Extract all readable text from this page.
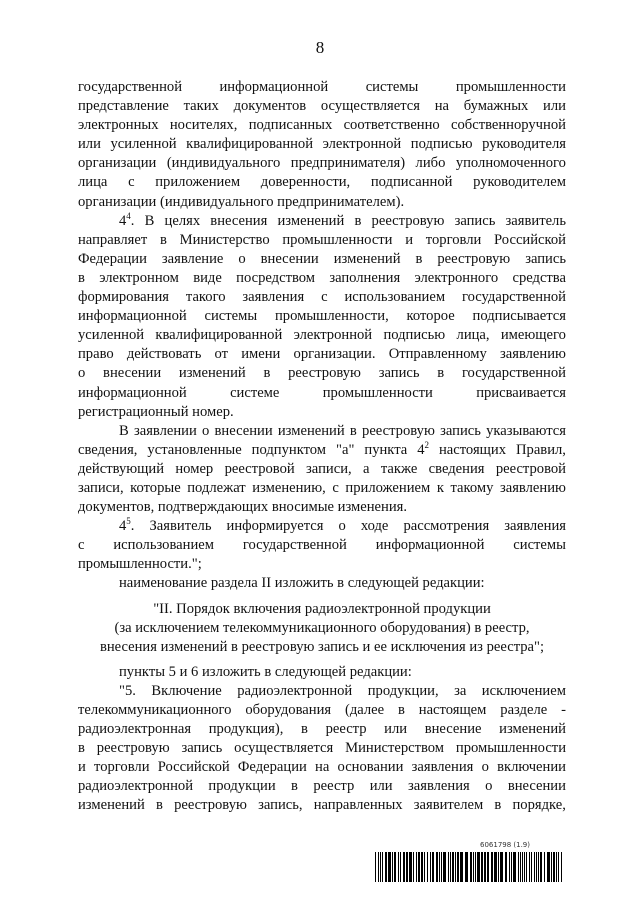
8
государственной	информационной	системы	промышленности
представление таких документов осуществляется на бумажных или
электронных носителях, подписанных соответственно собственноручной
или усиленной квалифицированной электронной подписью руководителя
организации (индивидуального предпринимателя) либо уполномоченного
лица с приложением доверенности, подписанной руководителем
организации (индивидуального предпринимателем).
$4^4$. В целях внесения изменений в реестровую запись заявитель
направляет в Министерство промышленности и торговли Российской
Федерации заявление о внесении изменений в реестровую запись
в электронном виде посредством заполнения электронного средства
формирования такого заявления с использованием государственной
информационной системы промышленности, которое подписывается
усиленной квалифицированной электронной подписью лица, имеющего
право действовать от имени организации. Отправленному заявлению
о внесении изменений в реестровую запись в государственной
информационной	системе	промышленности	присваивается
регистрационный номер.
В заявлении о внесении изменений в реестровую запись указываются
сведения, установленные подпунктом "а" пункта $4^2$ настоящих Правил,
действующий номер реестровой записи, а также сведения реестровой
записи, которые подлежат изменению, с приложением к такому заявлению
документов, подтверждающих вносимые изменения.
$4^5$. Заявитель информируется о ходе рассмотрения заявления
с использованием государственной информационной системы
промышленности.";
наименование раздела II изложить в следующей редакции:
"II. Порядок включения радиоэлектронной продукции
(за исключением телекоммуникационного оборудования) в реестр,
внесения изменений в реестровую запись и ее исключения из реестра";
пункты 5 и 6 изложить в следующей редакции:
"5. Включение радиоэлектронной продукции, за исключением
телекоммуникационного оборудования (далее в настоящем разделе -
радиоэлектронная продукция), в реестр или внесение изменений
в реестровую запись осуществляется Министерством промышленности
и торговли Российской Федерации на основании заявления о включении
радиоэлектронной продукции в реестр или заявления о внесении
изменений в реестровую запись, направленных заявителем в порядке,
6061798 (1.9)
